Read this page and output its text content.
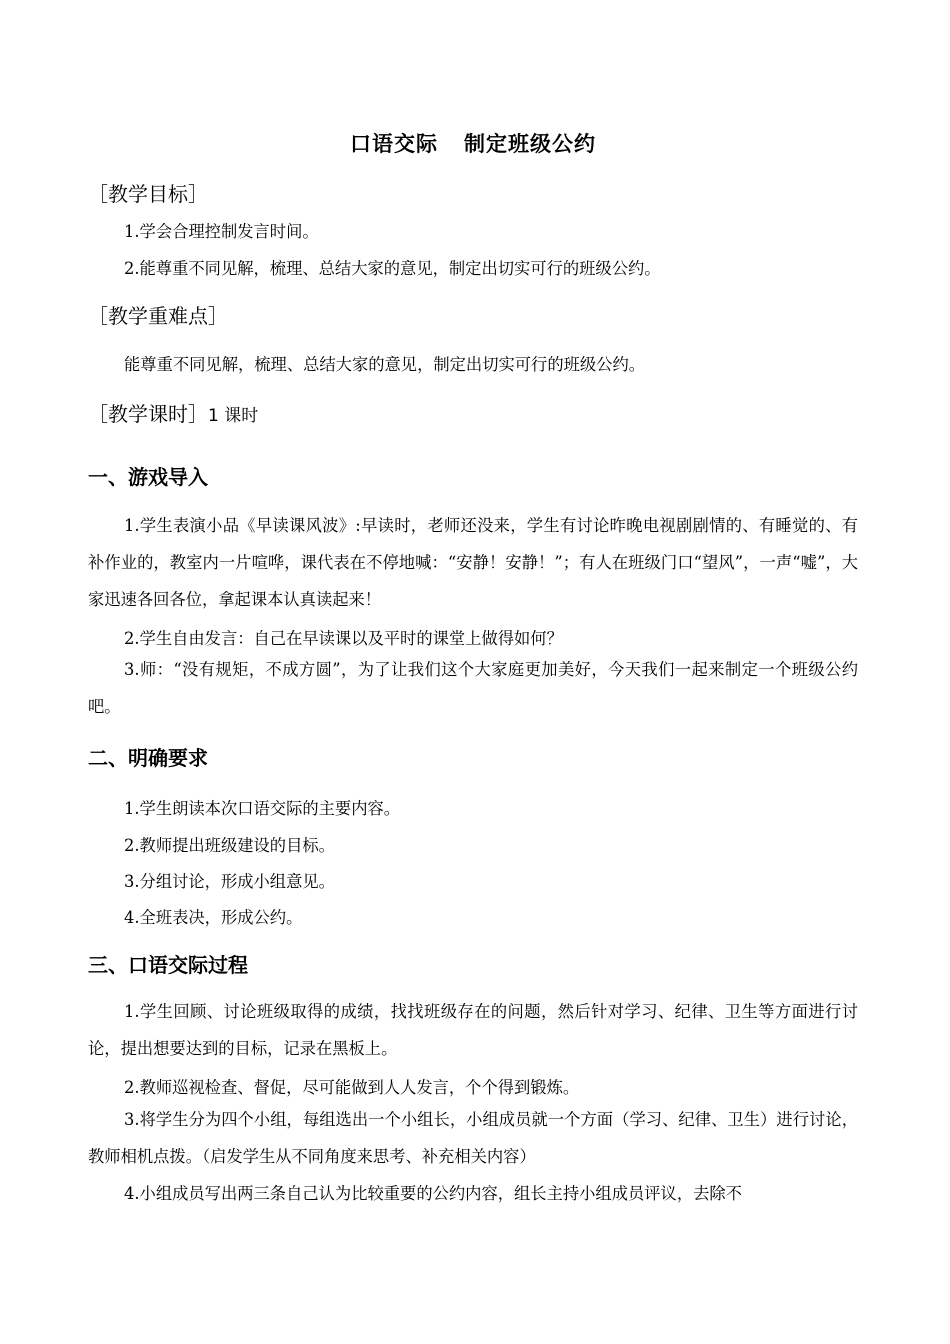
口语交际 制定班级公约
［教学目标］
1.学会合理控制发言时间。
2.能尊重不同见解，梳理、总结大家的意见，制定出切实可行的班级公约。
［教学重难点］
能尊重不同见解，梳理、总结大家的意见，制定出切实可行的班级公约。
［教学课时］1 课时
一、游戏导入
1.学生表演小品《早读课风波》:早读时，老师还没来，学生有讨论昨晚电视剧剧情的、有睡觉的、有补作业的，教室内一片喧哗，课代表在不停地喊：“安静！安静！”；有人在班级门口“望风”，一声“嘘”，大家迅速各回各位，拿起课本认真读起来！
2.学生自由发言：自己在早读课以及平时的课堂上做得如何？
3.师：“没有规矩，不成方圆”，为了让我们这个大家庭更加美好，今天我们一起来制定一个班级公约吧。
二、明确要求
1.学生朗读本次口语交际的主要内容。
2.教师提出班级建设的目标。
3.分组讨论，形成小组意见。
4.全班表决，形成公约。
三、口语交际过程
1.学生回顾、讨论班级取得的成绩，找找班级存在的问题，然后针对学习、纪律、卫生等方面进行讨论，提出想要达到的目标，记录在黑板上。
2.教师巡视检查、督促，尽可能做到人人发言，个个得到锻炼。
3.将学生分为四个小组，每组选出一个小组长，小组成员就一个方面（学习、纪律、卫生）进行讨论，教师相机点拨。（启发学生从不同角度来思考、补充相关内容）
4.小组成员写出两三条自己认为比较重要的公约内容，组长主持小组成员评议，去除不
